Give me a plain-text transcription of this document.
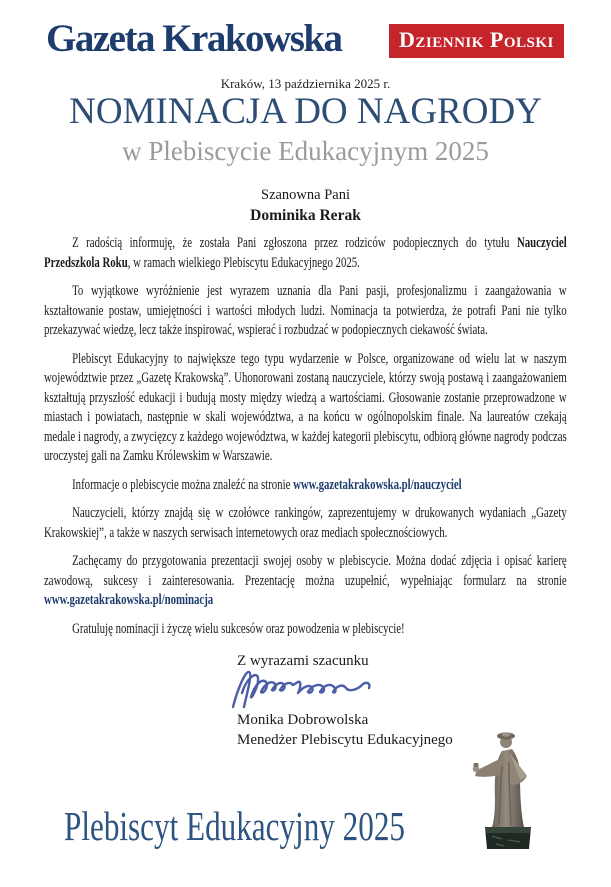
Gazeta Krakowska	Dziennik Polski
Kraków, 13 października 2025 r.
NOMINACJA DO NAGRODY
w Plebiscycie Edukacyjnym 2025
Szanowna Pani
Dominika Rerak

Z radością informuję, że została Pani zgłoszona przez rodziców podopiecznych do tytułu Nauczyciel Przedszkola Roku, w ramach wielkiego Plebiscytu Edukacyjnego 2025.

To wyjątkowe wyróżnienie jest wyrazem uznania dla Pani pasji, profesjonalizmu i zaangażowania w kształtowanie postaw, umiejętności i wartości młodych ludzi. Nominacja ta potwierdza, że potrafi Pani nie tylko przekazywać wiedzę, lecz także inspirować, wspierać i rozbudzać w podopiecznych ciekawość świata.

Plebiscyt Edukacyjny to największe tego typu wydarzenie w Polsce, organizowane od wielu lat w naszym województwie przez „Gazetę Krakowską”. Uhonorowani zostaną nauczyciele, którzy swoją postawą i zaangażowaniem kształtują przyszłość edukacji i budują mosty między wiedzą a wartościami. Głosowanie zostanie przeprowadzone w miastach i powiatach, następnie w skali województwa, a na końcu w ogólnopolskim finale. Na laureatów czekają medale i nagrody, a zwycięzcy z każdego województwa, w każdej kategorii plebiscytu, odbiorą główne nagrody podczas uroczystej gali na Zamku Królewskim w Warszawie.

Informacje o plebiscycie można znaleźć na stronie www.gazetakrakowska.pl/nauczyciel

Nauczycieli, którzy znajdą się w czołówce rankingów, zaprezentujemy w drukowanych wydaniach „Gazety Krakowskiej”, a także w naszych serwisach internetowych oraz mediach społecznościowych.

Zachęcamy do przygotowania prezentacji swojej osoby w plebiscycie. Można dodać zdjęcia i opisać karierę zawodową, sukcesy i zainteresowania. Prezentację można uzupełnić, wypełniając formularz na stronie www.gazetakrakowska.pl/nominacja

Gratuluję nominacji i życzę wielu sukcesów oraz powodzenia w plebiscycie!

Z wyrazami szacunku
Monika Dobrowolska
Menedżer Plebiscytu Edukacyjnego
Plebiscyt Edukacyjny 2025
